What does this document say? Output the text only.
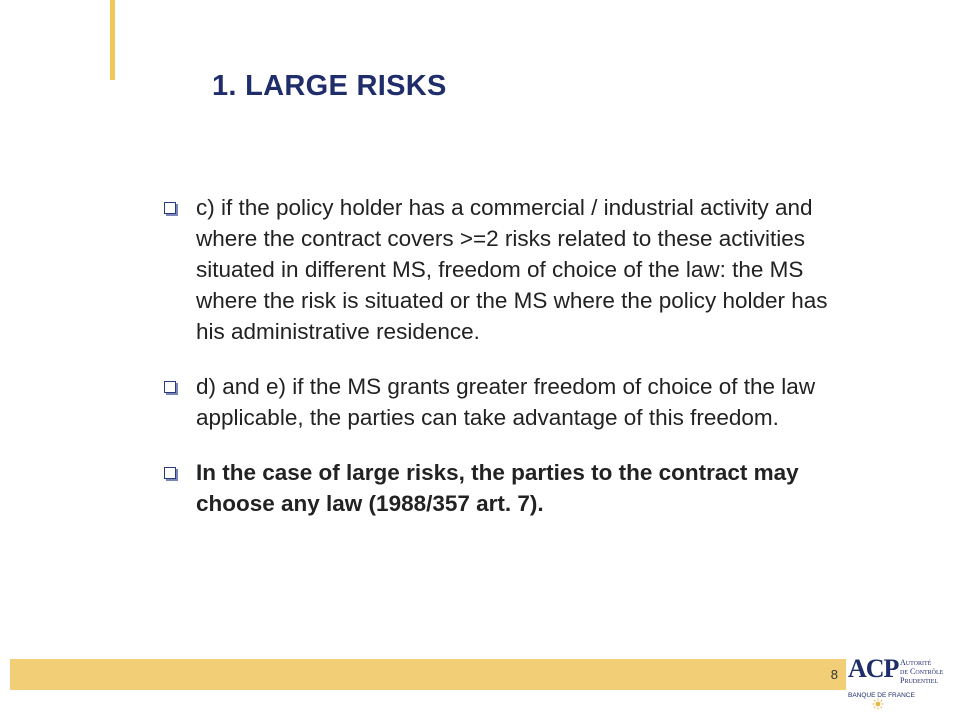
1. LARGE RISKS
c) if the policy holder has a commercial / industrial activity and where the contract covers >=2 risks related to these activities situated in different MS, freedom of choice of the law: the MS where the risk is situated or the MS where the policy holder has his administrative residence.
d) and e) if the MS grants greater freedom of choice of the law applicable, the parties can take advantage of this freedom.
In the case of large risks, the parties to the contract may choose any law (1988/357 art. 7).
8 ACP Autorité
de Contrôle
Prudentiel
BANQUE DE FRANCE
